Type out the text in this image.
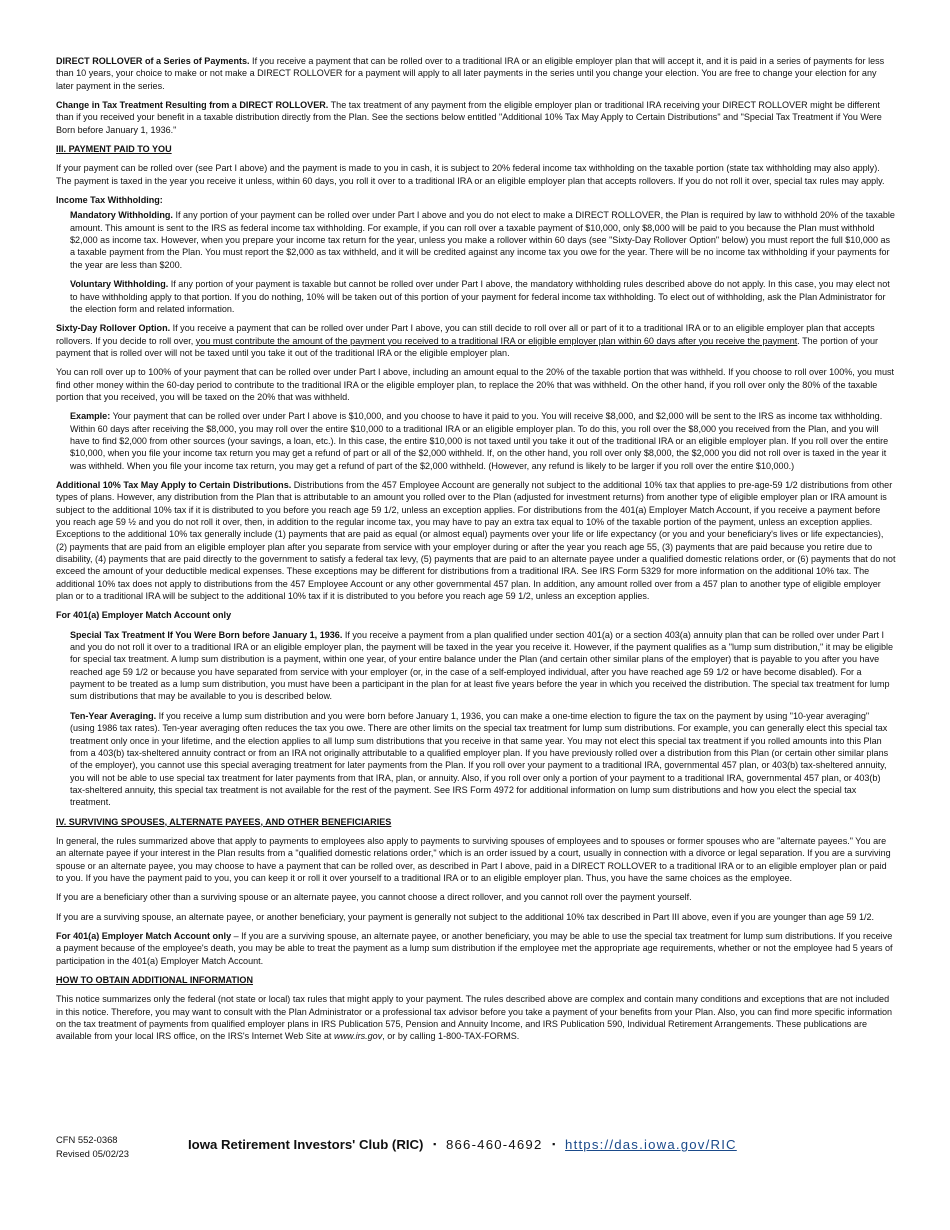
DIRECT ROLLOVER of a Series of Payments. If you receive a payment that can be rolled over to a traditional IRA or an eligible employer plan that will accept it, and it is paid in a series of payments for less than 10 years, your choice to make or not make a DIRECT ROLLOVER for a payment will apply to all later payments in the series until you change your election. You are free to change your election for any later payment in the series.

Change in Tax Treatment Resulting from a DIRECT ROLLOVER. The tax treatment of any payment from the eligible employer plan or traditional IRA receiving your DIRECT ROLLOVER might be different than if you received your benefit in a taxable distribution directly from the Plan. See the sections below entitled "Additional 10% Tax May Apply to Certain Distributions" and "Special Tax Treatment if You Were Born before January 1, 1936."

III. PAYMENT PAID TO YOU

If your payment can be rolled over (see Part I above) and the payment is made to you in cash, it is subject to 20% federal income tax withholding on the taxable portion (state tax withholding may also apply). The payment is taxed in the year you receive it unless, within 60 days, you roll it over to a traditional IRA or an eligible employer plan that accepts rollovers. If you do not roll it over, special tax rules may apply.

Income Tax Withholding:

Mandatory Withholding. If any portion of your payment can be rolled over under Part I above and you do not elect to make a DIRECT ROLLOVER, the Plan is required by law to withhold 20% of the taxable amount. This amount is sent to the IRS as federal income tax withholding. For example, if you can roll over a taxable payment of $10,000, only $8,000 will be paid to you because the Plan must withhold $2,000 as income tax. However, when you prepare your income tax return for the year, unless you make a rollover within 60 days (see "Sixty-Day Rollover Option" below) you must report the full $10,000 as a taxable payment from the Plan. You must report the $2,000 as tax withheld, and it will be credited against any income tax you owe for the year. There will be no income tax withholding if your payments for the year are less than $200.

Voluntary Withholding. If any portion of your payment is taxable but cannot be rolled over under Part I above, the mandatory withholding rules described above do not apply. In this case, you may elect not to have withholding apply to that portion. If you do nothing, 10% will be taken out of this portion of your payment for federal income tax withholding. To elect out of withholding, ask the Plan Administrator for the election form and related information.

Sixty-Day Rollover Option. If you receive a payment that can be rolled over under Part I above, you can still decide to roll over all or part of it to a traditional IRA or to an eligible employer plan that accepts rollovers. If you decide to roll over, you must contribute the amount of the payment you received to a traditional IRA or eligible employer plan within 60 days after you receive the payment. The portion of your payment that is rolled over will not be taxed until you take it out of the traditional IRA or the eligible employer plan.

You can roll over up to 100% of your payment that can be rolled over under Part I above, including an amount equal to the 20% of the taxable portion that was withheld. If you choose to roll over 100%, you must find other money within the 60-day period to contribute to the traditional IRA or the eligible employer plan, to replace the 20% that was withheld. On the other hand, if you roll over only the 80% of the taxable portion that you received, you will be taxed on the 20% that was withheld.

Example: Your payment that can be rolled over under Part I above is $10,000, and you choose to have it paid to you. You will receive $8,000, and $2,000 will be sent to the IRS as income tax withholding. Within 60 days after receiving the $8,000, you may roll over the entire $10,000 to a traditional IRA or an eligible employer plan. To do this, you roll over the $8,000 you received from the Plan, and you will have to find $2,000 from other sources (your savings, a loan, etc.). In this case, the entire $10,000 is not taxed until you take it out of the traditional IRA or an eligible employer plan. If you roll over the entire $10,000, when you file your income tax return you may get a refund of part or all of the $2,000 withheld. If, on the other hand, you roll over only $8,000, the $2,000 you did not roll over is taxed in the year it was withheld. When you file your income tax return, you may get a refund of part of the $2,000 withheld. (However, any refund is likely to be larger if you roll over the entire $10,000.)

Additional 10% Tax May Apply to Certain Distributions. Distributions from the 457 Employee Account are generally not subject to the additional 10% tax that applies to pre-age-59 1/2 distributions from other types of plans. However, any distribution from the Plan that is attributable to an amount you rolled over to the Plan (adjusted for investment returns) from another type of eligible employer plan or IRA amount is subject to the additional 10% tax if it is distributed to you before you reach age 59 1/2, unless an exception applies. For distributions from the 401(a) Employer Match Account, if you receive a payment before you reach age 59 ½ and you do not roll it over, then, in addition to the regular income tax, you may have to pay an extra tax equal to 10% of the taxable portion of the payment, unless an exception applies. Exceptions to the additional 10% tax generally include (1) payments that are paid as equal (or almost equal) payments over your life or life expectancy (or you and your beneficiary's lives or life expectancies), (2) payments that are paid from an eligible employer plan after you separate from service with your employer during or after the year you reach age 55, (3) payments that are paid because you retire due to disability, (4) payments that are paid directly to the government to satisfy a federal tax levy, (5) payments that are paid to an alternate payee under a qualified domestic relations order, or (6) payments that do not exceed the amount of your deductible medical expenses. These exceptions may be different for distributions from a traditional IRA. See IRS Form 5329 for more information on the additional 10% tax. The additional 10% tax does not apply to distributions from the 457 Employee Account or any other governmental 457 plan. In addition, any amount rolled over from a 457 plan to another type of eligible employer plan or to a traditional IRA will be subject to the additional 10% tax if it is distributed to you before you reach age 59 1/2, unless an exception applies.

For 401(a) Employer Match Account only

Special Tax Treatment If You Were Born before January 1, 1936. If you receive a payment from a plan qualified under section 401(a) or a section 403(a) annuity plan that can be rolled over under Part I and you do not roll it over to a traditional IRA or an eligible employer plan, the payment will be taxed in the year you receive it. However, if the payment qualifies as a "lump sum distribution," it may be eligible for special tax treatment. A lump sum distribution is a payment, within one year, of your entire balance under the Plan (and certain other similar plans of the employer) that is payable to you after you have reached age 59 1/2 or because you have separated from service with your employer (or, in the case of a self-employed individual, after you have reached age 59 1/2 or have become disabled). For a payment to be treated as a lump sum distribution, you must have been a participant in the plan for at least five years before the year in which you received the distribution. The special tax treatment for lump sum distributions that may be available to you is described below.

Ten-Year Averaging. If you receive a lump sum distribution and you were born before January 1, 1936, you can make a one-time election to figure the tax on the payment by using "10-year averaging" (using 1986 tax rates). Ten-year averaging often reduces the tax you owe. There are other limits on the special tax treatment for lump sum distributions. For example, you can generally elect this special tax treatment only once in your lifetime, and the election applies to all lump sum distributions that you receive in that same year. You may not elect this special tax treatment if you rolled amounts into this Plan from a 403(b) tax-sheltered annuity contract or from an IRA not originally attributable to a qualified employer plan. If you have previously rolled over a distribution from this Plan (or certain other similar plans of the employer), you cannot use this special averaging treatment for later payments from the Plan. If you roll over your payment to a traditional IRA, governmental 457 plan, or 403(b) tax-sheltered annuity, you will not be able to use special tax treatment for later payments from that IRA, plan, or annuity. Also, if you roll over only a portion of your payment to a traditional IRA, governmental 457 plan, or 403(b) tax-sheltered annuity, this special tax treatment is not available for the rest of the payment. See IRS Form 4972 for additional information on lump sum distributions and how you elect the special tax treatment.

IV. SURVIVING SPOUSES, ALTERNATE PAYEES, AND OTHER BENEFICIARIES

In general, the rules summarized above that apply to payments to employees also apply to payments to surviving spouses of employees and to spouses or former spouses who are "alternate payees." You are an alternate payee if your interest in the Plan results from a "qualified domestic relations order," which is an order issued by a court, usually in connection with a divorce or legal separation. If you are a surviving spouse or an alternate payee, you may choose to have a payment that can be rolled over, as described in Part I above, paid in a DIRECT ROLLOVER to a traditional IRA or to an eligible employer plan or paid to you. If you have the payment paid to you, you can keep it or roll it over yourself to a traditional IRA or to an eligible employer plan. Thus, you have the same choices as the employee.

If you are a beneficiary other than a surviving spouse or an alternate payee, you cannot choose a direct rollover, and you cannot roll over the payment yourself.

If you are a surviving spouse, an alternate payee, or another beneficiary, your payment is generally not subject to the additional 10% tax described in Part III above, even if you are younger than age 59 1/2.

For 401(a) Employer Match Account only – If you are a surviving spouse, an alternate payee, or another beneficiary, you may be able to use the special tax treatment for lump sum distributions. If you receive a payment because of the employee's death, you may be able to treat the payment as a lump sum distribution if the employee met the appropriate age requirements, whether or not the employee had 5 years of participation in the 401(a) Employer Match Account.

HOW TO OBTAIN ADDITIONAL INFORMATION

This notice summarizes only the federal (not state or local) tax rules that might apply to your payment. The rules described above are complex and contain many conditions and exceptions that are not included in this notice. Therefore, you may want to consult with the Plan Administrator or a professional tax advisor before you take a payment of your benefits from your Plan. Also, you can find more specific information on the tax treatment of payments from qualified employer plans in IRS Publication 575, Pension and Annuity Income, and IRS Publication 590, Individual Retirement Arrangements. These publications are available from your local IRS office, on the IRS's Internet Web Site at www.irs.gov, or by calling 1-800-TAX-FORMS.

CFN 552-0368
Revised 05/02/23
Iowa Retirement Investors' Club (RIC) ▪ 866-460-4692 ▪ https://das.iowa.gov/RIC
